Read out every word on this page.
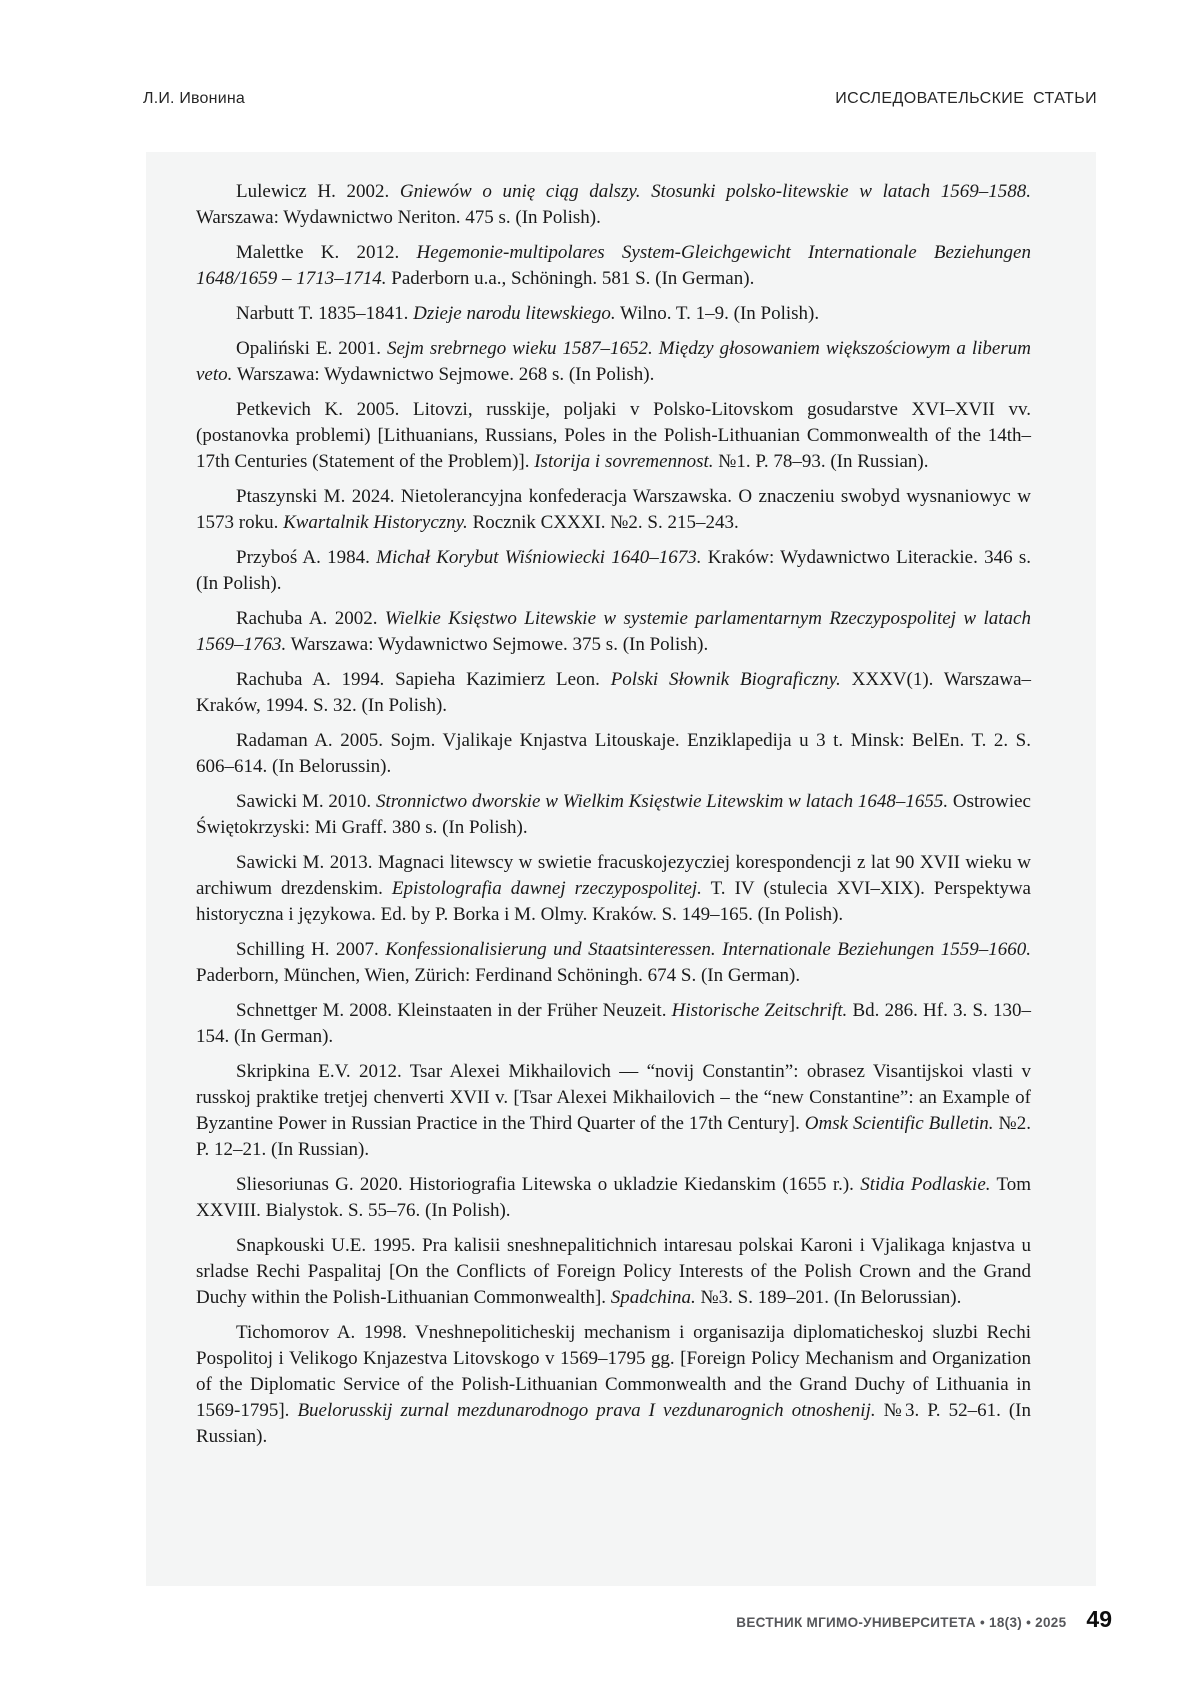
Л.И. Ивонина	ИССЛЕДОВАТЕЛЬСКИЕ СТАТЬИ

Lulewicz H. 2002. Gniewów o unię ciąg dalszy. Stosunki polsko-litewskie w latach 1569–1588. Warszawa: Wydawnictwo Neriton. 475 s. (In Polish).

Malettke K. 2012. Hegemonie-multipolares System-Gleichgewicht Internationale Beziehungen 1648/1659 – 1713–1714. Paderborn u.a., Schöningh. 581 S. (In German).

Narbutt T. 1835–1841. Dzieje narodu litewskiego. Wilno. T. 1–9. (In Polish).

Opaliński E. 2001. Sejm srebrnego wieku 1587–1652. Między głosowaniem większościowym a liberum veto. Warszawa: Wydawnictwo Sejmowe. 268 s. (In Polish).

Petkevich K. 2005. Litovzi, russkije, poljaki v Polsko-Litovskom gosudarstve XVI–XVII vv. (postanovka problemi) [Lithuanians, Russians, Poles in the Polish-Lithuanian Commonwealth of the 14th–17th Centuries (Statement of the Problem)]. Istorija i sovremennost. №1. P. 78–93. (In Russian).

Ptaszynski M. 2024. Nietolerancyjna konfederacja Warszawska. O znaczeniu swobyd wysnaniowyc w 1573 roku. Kwartalnik Historyczny. Rocznik CXXXI. №2. S. 215–243.

Przyboś A. 1984. Michał Korybut Wiśniowiecki 1640–1673. Kraków: Wydawnictwo Literackie. 346 s. (In Polish).

Rachuba A. 2002. Wielkie Księstwo Litewskie w systemie parlamentarnym Rzeczypospolitej w latach 1569–1763. Warszawa: Wydawnictwo Sejmowe. 375 s. (In Polish).

Rachuba A. 1994. Sapieha Kazimierz Leon. Polski Słownik Biograficzny. XXXV(1). Warszawa–Kraków, 1994. S. 32. (In Polish).

Radaman A. 2005. Sojm. Vjalikaje Knjastva Litouskaje. Enziklapedija u 3 t. Minsk: BelEn. T. 2. S. 606–614. (In Belorussin).

Sawicki M. 2010. Stronnictwo dworskie w Wielkim Księstwie Litewskim w latach 1648–1655. Ostrowiec Świętokrzyski: Mi Graff. 380 s. (In Polish).

Sawicki M. 2013. Magnaci litewscy w swietie fracuskojezycziej korespondencji z lat 90 XVII wieku w archiwum drezdenskim. Epistolografia dawnej rzeczypospolitej. T. IV (stulecia XVI–XIX). Perspektywa historyczna i językowa. Ed. by P. Borka i M. Olmy. Kraków. S. 149–165. (In Polish).

Schilling H. 2007. Konfessionalisierung und Staatsinteressen. Internationale Beziehungen 1559–1660. Paderborn, München, Wien, Zürich: Ferdinand Schöningh. 674 S. (In German).

Schnettger M. 2008. Kleinstaaten in der Früher Neuzeit. Historische Zeitschrift. Bd. 286. Hf. 3. S. 130–154. (In German).

Skripkina E.V. 2012. Tsar Alexei Mikhailovich — “novij Constantin”: obrasez Visantijskoi vlasti v russkoj praktike tretjej chenverti XVII v. [Tsar Alexei Mikhailovich – the “new Constantine”: an Example of Byzantine Power in Russian Practice in the Third Quarter of the 17th Century]. Omsk Scientific Bulletin. №2. P. 12–21. (In Russian).

Sliesoriunas G. 2020. Historiografia Litewska o ukladzie Kiedanskim (1655 r.). Stidia Podlaskie. Tom XXVIII. Bialystok. S. 55–76. (In Polish).

Snapkouski U.E. 1995. Pra kalisii sneshnepalitichnich intaresau polskai Karoni i Vjalikaga knjastva u srladse Rechi Paspalitaj [On the Conflicts of Foreign Policy Interests of the Polish Crown and the Grand Duchy within the Polish-Lithuanian Commonwealth]. Spadchina. №3. S. 189–201. (In Belorussian).

Tichomorov A. 1998. Vneshnepoliticheskij mechanism i organisazija diplomaticheskoj sluzbi Rechi Pospolitoj i Velikogo Knjazestva Litovskogo v 1569–1795 gg. [Foreign Policy Mechanism and Organization of the Diplomatic Service of the Polish-Lithuanian Commonwealth and the Grand Duchy of Lithuania in 1569-1795]. Buelorusskij zurnal mezdunarodnogo prava I vezdunarognich otnoshenij. №3. P. 52–61. (In Russian).

ВЕСТНИК МГИМО-УНИВЕРСИТЕТА • 18(3) • 2025 49
